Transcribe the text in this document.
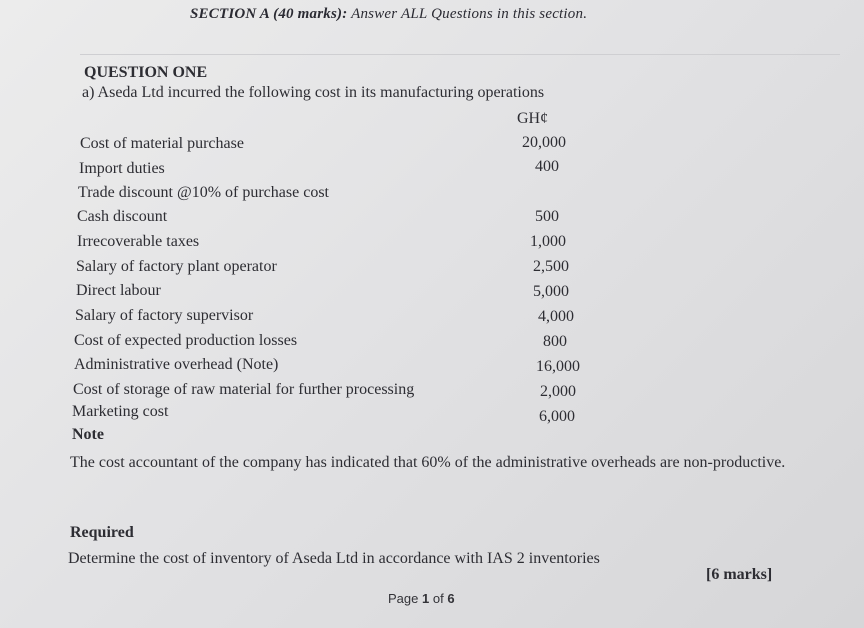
SECTION A (40 marks): Answer ALL Questions in this section.
QUESTION ONE
a) Aseda Ltd incurred the following cost in its manufacturing operations
GH¢
Cost of material purchase	20,000
Import duties	400
Trade discount @10% of purchase cost
Cash discount	500
Irrecoverable taxes	1,000
Salary of factory plant operator	2,500
Direct labour	5,000
Salary of factory supervisor	4,000
Cost of expected production losses	800
Administrative overhead (Note)	16,000
Cost of storage of raw material for further processing	2,000
Marketing cost	6,000
Note
The cost accountant of the company has indicated that 60% of the administrative overheads are non-productive.
Required
Determine the cost of inventory of Aseda Ltd in accordance with IAS 2 inventories
[6 marks]
Page 1 of 6
